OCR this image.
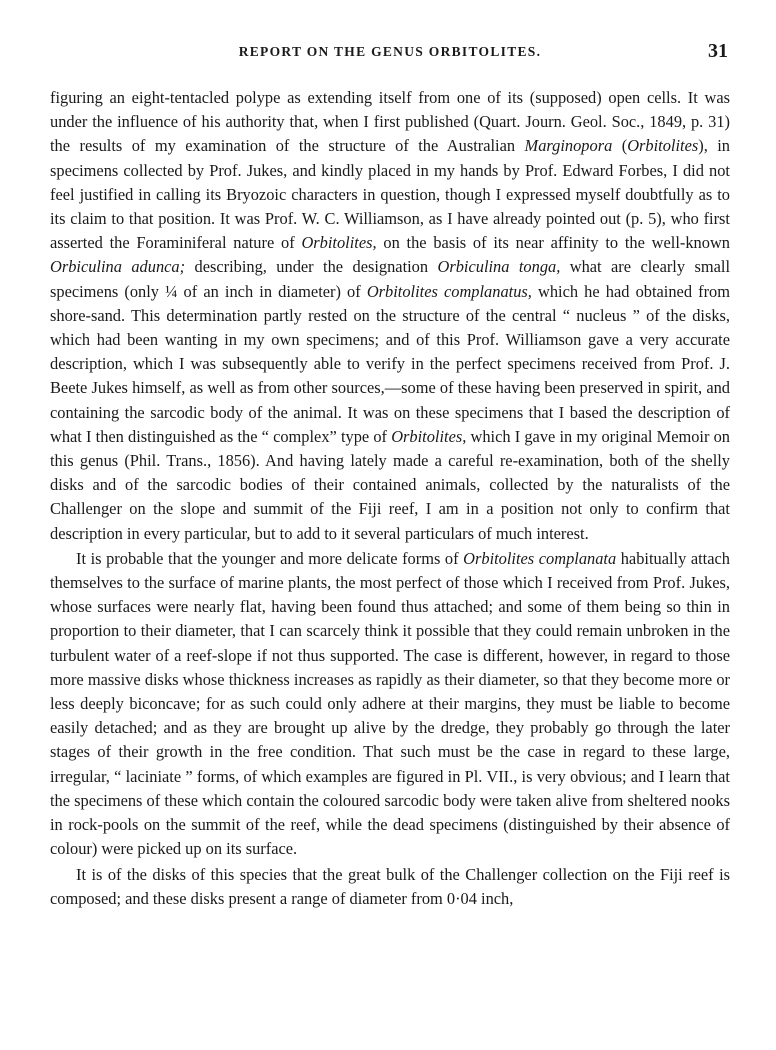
REPORT ON THE GENUS ORBITOLITES.	31

figuring an eight-tentacled polype as extending itself from one of its (supposed) open cells. It was under the influence of his authority that, when I first published (Quart. Journ. Geol. Soc., 1849, p. 31) the results of my examination of the structure of the Australian Marginopora (Orbitolites), in specimens collected by Prof. Jukes, and kindly placed in my hands by Prof. Edward Forbes, I did not feel justified in calling its Bryozoic characters in question, though I expressed myself doubtfully as to its claim to that position. It was Prof. W. C. Williamson, as I have already pointed out (p. 5), who first asserted the Foraminiferal nature of Orbitolites, on the basis of its near affinity to the well-known Orbiculina adunca; describing, under the designation Orbiculina tonga, what are clearly small specimens (only ¼ of an inch in diameter) of Orbitolites complanatus, which he had obtained from shore-sand. This determination partly rested on the structure of the central “ nucleus ” of the disks, which had been wanting in my own specimens; and of this Prof. Williamson gave a very accurate description, which I was subsequently able to verify in the perfect specimens received from Prof. J. Beete Jukes himself, as well as from other sources,—some of these having been preserved in spirit, and containing the sarcodic body of the animal. It was on these specimens that I based the description of what I then distinguished as the “ complex” type of Orbitolites, which I gave in my original Memoir on this genus (Phil. Trans., 1856). And having lately made a careful re-examination, both of the shelly disks and of the sarcodic bodies of their contained animals, collected by the naturalists of the Challenger on the slope and summit of the Fiji reef, I am in a position not only to confirm that description in every particular, but to add to it several particulars of much interest.

It is probable that the younger and more delicate forms of Orbitolites complanata habitually attach themselves to the surface of marine plants, the most perfect of those which I received from Prof. Jukes, whose surfaces were nearly flat, having been found thus attached; and some of them being so thin in proportion to their diameter, that I can scarcely think it possible that they could remain unbroken in the turbulent water of a reef-slope if not thus supported. The case is different, however, in regard to those more massive disks whose thickness increases as rapidly as their diameter, so that they become more or less deeply biconcave; for as such could only adhere at their margins, they must be liable to become easily detached; and as they are brought up alive by the dredge, they probably go through the later stages of their growth in the free condition. That such must be the case in regard to these large, irregular, “ laciniate ” forms, of which examples are figured in Pl. VII., is very obvious; and I learn that the specimens of these which contain the coloured sarcodic body were taken alive from sheltered nooks in rock-pools on the summit of the reef, while the dead specimens (distinguished by their absence of colour) were picked up on its surface.

It is of the disks of this species that the great bulk of the Challenger collection on the Fiji reef is composed; and these disks present a range of diameter from 0·04 inch,
